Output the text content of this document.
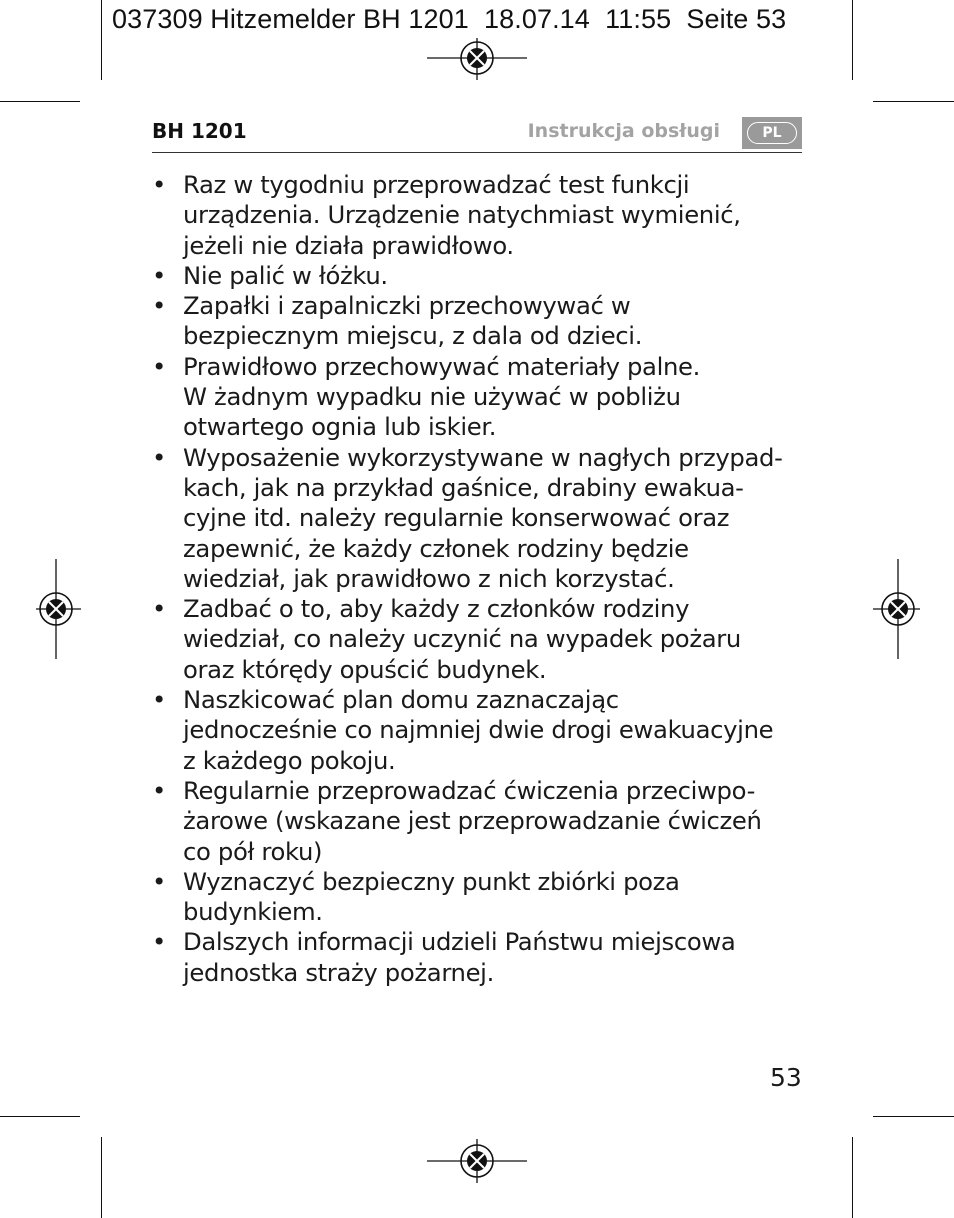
037309 Hitzemelder BH 1201  18.07.14  11:55  Seite 53
BH 1201	Instrukcja obsługi	PL
• Raz w tygodniu przeprowadzać test funkcji
urządzenia. Urządzenie natychmiast wymienić,
jeżeli nie działa prawidłowo.
• Nie palić w łóżku.
• Zapałki i zapalniczki przechowywać w
bezpiecznym miejscu, z dala od dzieci.
• Prawidłowo przechowywać materiały palne.
W żadnym wypadku nie używać w pobliżu
otwartego ognia lub iskier.
• Wyposażenie wykorzystywane w nagłych przypad-
kach, jak na przykład gaśnice, drabiny ewakua-
cyjne itd. należy regularnie konserwować oraz
zapewnić, że każdy członek rodziny będzie
wiedział, jak prawidłowo z nich korzystać.
• Zadbać o to, aby każdy z członków rodziny
wiedział, co należy uczynić na wypadek pożaru
oraz którędy opuścić budynek.
• Naszkicować plan domu zaznaczając
jednocześnie co najmniej dwie drogi ewakuacyjne
z każdego pokoju.
• Regularnie przeprowadzać ćwiczenia przeciwpo-
żarowe (wskazane jest przeprowadzanie ćwiczeń
co pół roku)
• Wyznaczyć bezpieczny punkt zbiórki poza
budynkiem.
• Dalszych informacji udzieli Państwu miejscowa
jednostka straży pożarnej.
53
